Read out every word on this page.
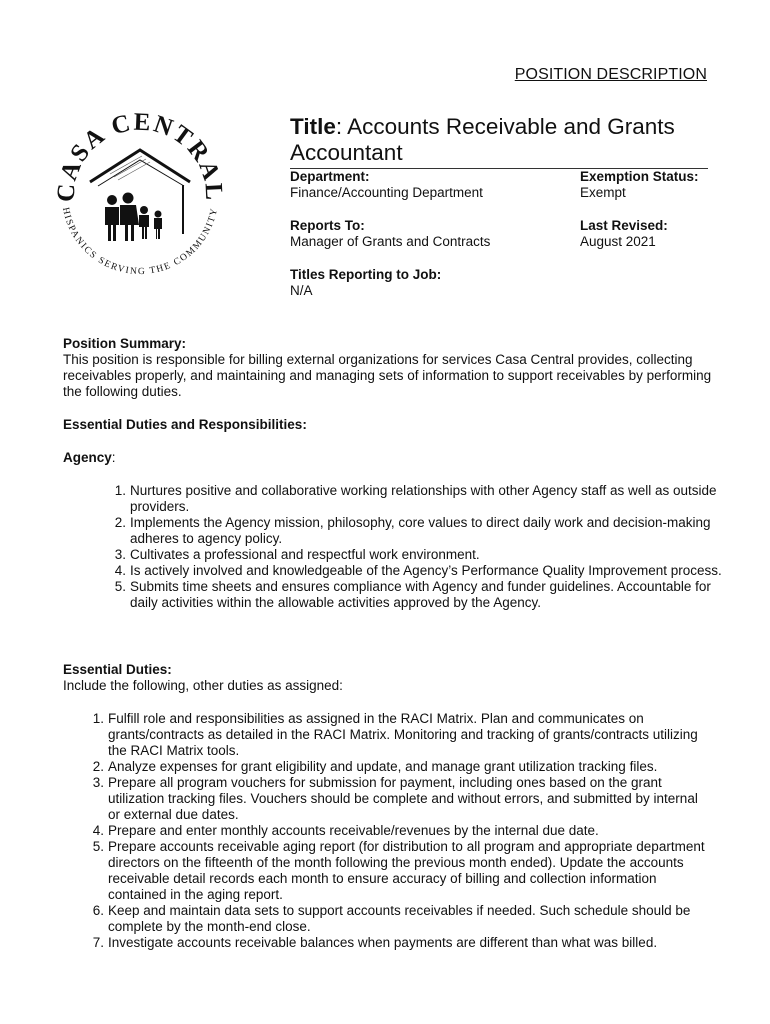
POSITION DESCRIPTION
CASA CENTRAL
HISPANICS SERVING THE COMMUNITY
Title: Accounts Receivable and Grants Accountant
Department:
Finance/Accounting Department
Exemption Status:
Exempt
Reports To:
Manager of Grants and Contracts
Last Revised:
August 2021
Titles Reporting to Job:
N/A
Position Summary:
This position is responsible for billing external organizations for services Casa Central provides, collecting receivables properly, and maintaining and managing sets of information to support receivables by performing the following duties.
Essential Duties and Responsibilities:
Agency:
1. Nurtures positive and collaborative working relationships with other Agency staff as well as outside providers.
2. Implements the Agency mission, philosophy, core values to direct daily work and decision-making adheres to agency policy.
3. Cultivates a professional and respectful work environment.
4. Is actively involved and knowledgeable of the Agency’s Performance Quality Improvement process.
5. Submits time sheets and ensures compliance with Agency and funder guidelines. Accountable for daily activities within the allowable activities approved by the Agency.
Essential Duties:
Include the following, other duties as assigned:
1. Fulfill role and responsibilities as assigned in the RACI Matrix. Plan and communicates on grants/contracts as detailed in the RACI Matrix. Monitoring and tracking of grants/contracts utilizing the RACI Matrix tools.
2. Analyze expenses for grant eligibility and update, and manage grant utilization tracking files.
3. Prepare all program vouchers for submission for payment, including ones based on the grant utilization tracking files. Vouchers should be complete and without errors, and submitted by internal or external due dates.
4. Prepare and enter monthly accounts receivable/revenues by the internal due date.
5. Prepare accounts receivable aging report (for distribution to all program and appropriate department directors on the fifteenth of the month following the previous month ended). Update the accounts receivable detail records each month to ensure accuracy of billing and collection information contained in the aging report.
6. Keep and maintain data sets to support accounts receivables if needed. Such schedule should be complete by the month-end close.
7. Investigate accounts receivable balances when payments are different than what was billed.
